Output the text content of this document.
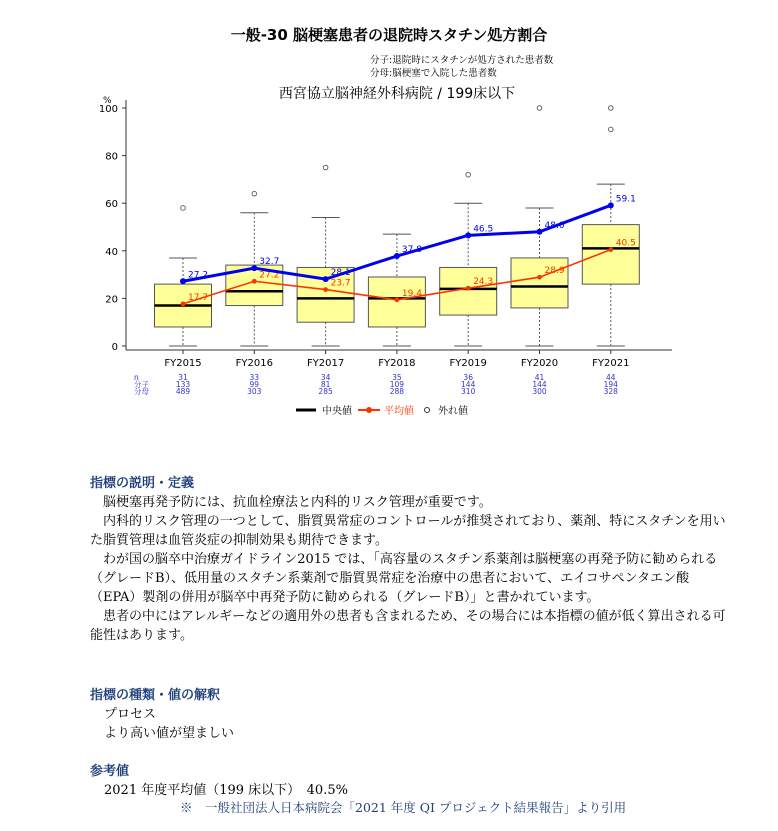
一般-30 脳梗塞患者の退院時スタチン処方割合
分子:退院時にスタチンが処方された患者数
分母:脳梗塞で入院した患者数
西宮協立脳神経外科病院 / 199床以下
%
0
20
40
60
80
100
FY2015
31
133
489
FY2016
33
99
303
FY2017
34
81
285
FY2018
35
109
288
FY2019
36
144
310
FY2020
41
144
300
FY2021
44
194
328
n
分子
分母
17.7
27.2
23.7
19.4
24.3
28.9
40.5
27.2
32.7
28.1
37.8
46.5	48.0
59.1
中央値	平均値 外れ値
指標の説明・定義
脳梗塞再発予防には、抗血栓療法と内科的リスク管理が重要です。
内科的リスク管理の一つとして、脂質異常症のコントロールが推奨されており、薬剤、特にスタチンを用いた脂質管理は血管炎症の抑制効果も期待できます。
わが国の脳卒中治療ガイドライン2015 では、「高容量のスタチン系薬剤は脳梗塞の再発予防に勧められる（グレードB）、低用量のスタチン系薬剤で脂質異常症を治療中の患者において、エイコサペンタエン酸（EPA）製剤の併用が脳卒中再発予防に勧められる（グレードB）」と書かれています。
患者の中にはアレルギーなどの適用外の患者も含まれるため、その場合には本指標の値が低く算出される可能性はあります。
指標の種類・値の解釈
プロセス
より高い値が望ましい
参考値
2021 年度平均値（199 床以下）　40.5%
※　一般社団法人日本病院会「2021 年度 QI プロジェクト結果報告」より引用
